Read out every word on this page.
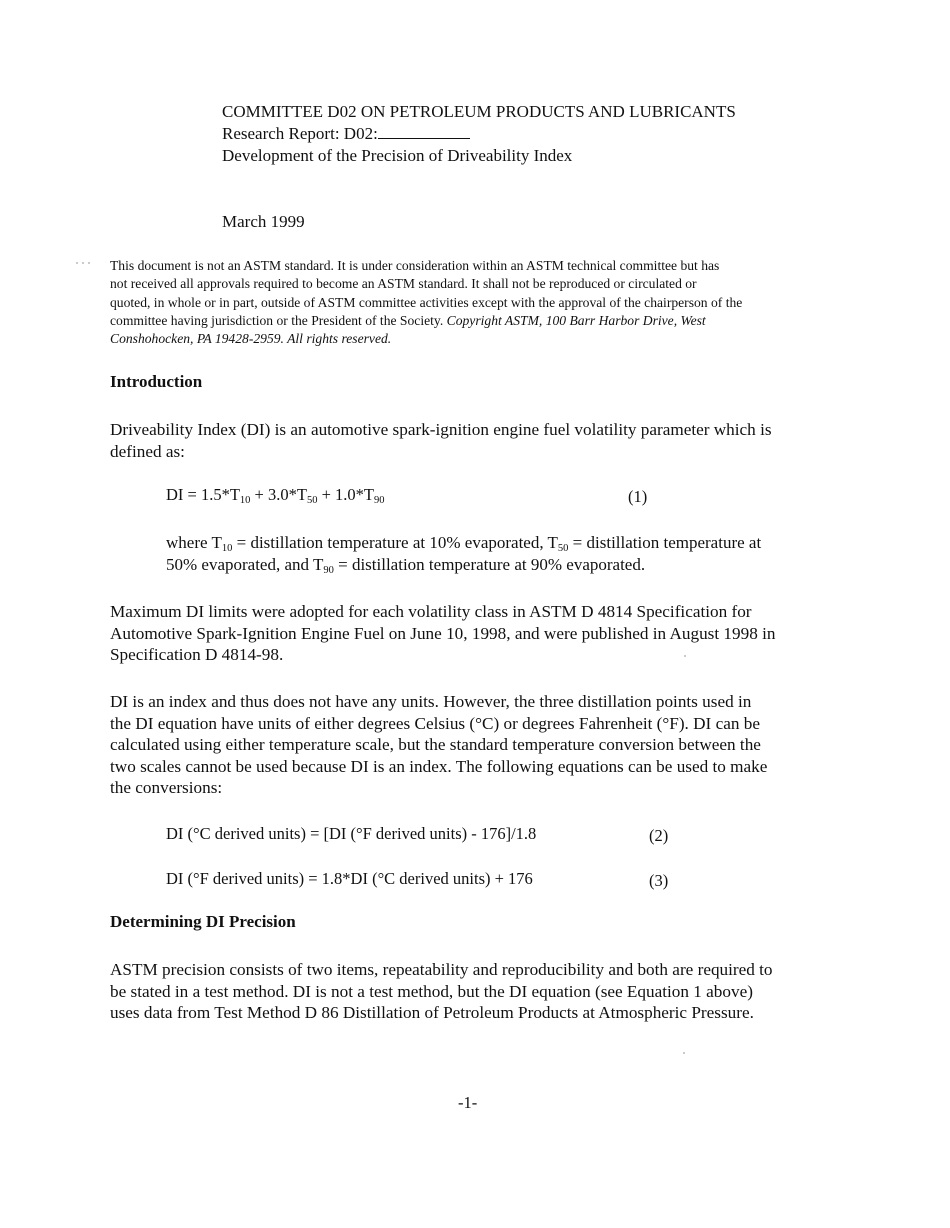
COMMITTEE D02 ON PETROLEUM PRODUCTS AND LUBRICANTS
Research Report: D02:
Development of the Precision of Driveability Index
March 1999
This document is not an ASTM standard. It is under consideration within an ASTM technical committee but has
not received all approvals required to become an ASTM standard. It shall not be reproduced or circulated or
quoted, in whole or in part, outside of ASTM committee activities except with the approval of the chairperson of the
committee having jurisdiction or the President of the Society. Copyright ASTM, 100 Barr Harbor Drive, West
Conshohocken, PA 19428-2959. All rights reserved.
Introduction
Driveability Index (DI) is an automotive spark-ignition engine fuel volatility parameter which is
defined as:
DI = $1.5*T_{10} + 3.0*T_{50} + 1.0*T_{90}$	(1)
where $T_{10}$ = distillation temperature at 10% evaporated, $T_{50}$ = distillation temperature at
50% evaporated, and $T_{90}$ = distillation temperature at 90% evaporated.
Maximum DI limits were adopted for each volatility class in ASTM D 4814 Specification for
Automotive Spark-Ignition Engine Fuel on June 10, 1998, and were published in August 1998 in
Specification D 4814-98.
DI is an index and thus does not have any units. However, the three distillation points used in
the DI equation have units of either degrees Celsius (°C) or degrees Fahrenheit (°F). DI can be
calculated using either temperature scale, but the standard temperature conversion between the
two scales cannot be used because DI is an index. The following equations can be used to make
the conversions:
DI (°C derived units) = [DI (°F derived units) - 176]/1.8	(2)
DI (°F derived units) = 1.8*DI (°C derived units) + 176	(3)
Determining DI Precision
ASTM precision consists of two items, repeatability and reproducibility and both are required to
be stated in a test method. DI is not a test method, but the DI equation (see Equation 1 above)
uses data from Test Method D 86 Distillation of Petroleum Products at Atmospheric Pressure.
-1-
